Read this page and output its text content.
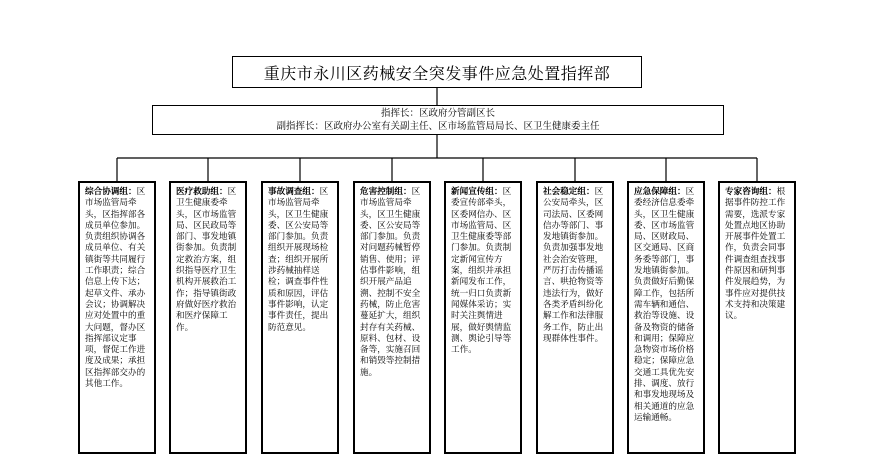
重庆市永川区药械安全突发事件应急处置指挥部
指挥长：区政府分管副区长
副指挥长：区政府办公室有关副主任、区市场监管局局长、区卫生健康委主任
综合协调组：区市场监管局牵头，区指挥部各成员单位参加。负责组织协调各成员单位、有关镇街等共同履行工作职责；综合信息上传下达；起草文件、承办会议；协调解决应对处置中的重大问题，督办区指挥部议定事项，督促工作进度及成果；承担区指挥部交办的其他工作。
医疗救助组：区卫生健康委牵头，区市场监管局、区民政局等部门、事发地镇街参加。负责制定救治方案，组织指导医疗卫生机构开展救治工作；指导镇街政府做好医疗救治和医疗保障工作。
事故调查组：区市场监管局牵头，区卫生健康委、区公安局等部门参加。负责组织开展现场检查；组织开展所涉药械抽样送检；调查事件性质和原因，评估事件影响，认定事件责任，提出防范意见。
危害控制组：区市场监管局牵头，区卫生健康委、区公安局等部门参加。负责对问题药械暂停销售、使用；评估事件影响，组织开展产品追溯、控制不安全药械，防止危害蔓延扩大，组织封存有关药械、原料、包材、设备等，实施召回和销毁等控制措施。
新闻宣传组：区委宣传部牵头，区委网信办、区市场监管局、区卫生健康委等部门参加。负责制定新闻宣传方案，组织并承担新闻发布工作，统一归口负责新闻媒体采访；实时关注舆情进展，做好舆情监测、舆论引导等工作。
社会稳定组：区公安局牵头，区司法局、区委网信办等部门、事发地镇街参加。负责加强事发地社会治安管理，严厉打击传播谣言、哄抢物资等违法行为，做好各类矛盾纠纷化解工作和法律服务工作，防止出现群体性事件。
应急保障组：区委经济信息委牵头，区卫生健康委、区市场监管局、区财政局、区交通局、区商务委等部门，事发地镇街参加。负责做好后勤保障工作，包括所需车辆和通信、救治等设施、设备及物资的储备和调用；保障应急物资市场价格稳定；保障应急交通工具优先安排、调度、放行和事发地现场及相关通道的应急运输通畅。
专家咨询组：根据事件防控工作需要，选派专家处置点地区协助开展事件处置工作，负责会同事件调查组查找事件原因和研判事件发展趋势，为事件应对提供技术支持和决策建议。
